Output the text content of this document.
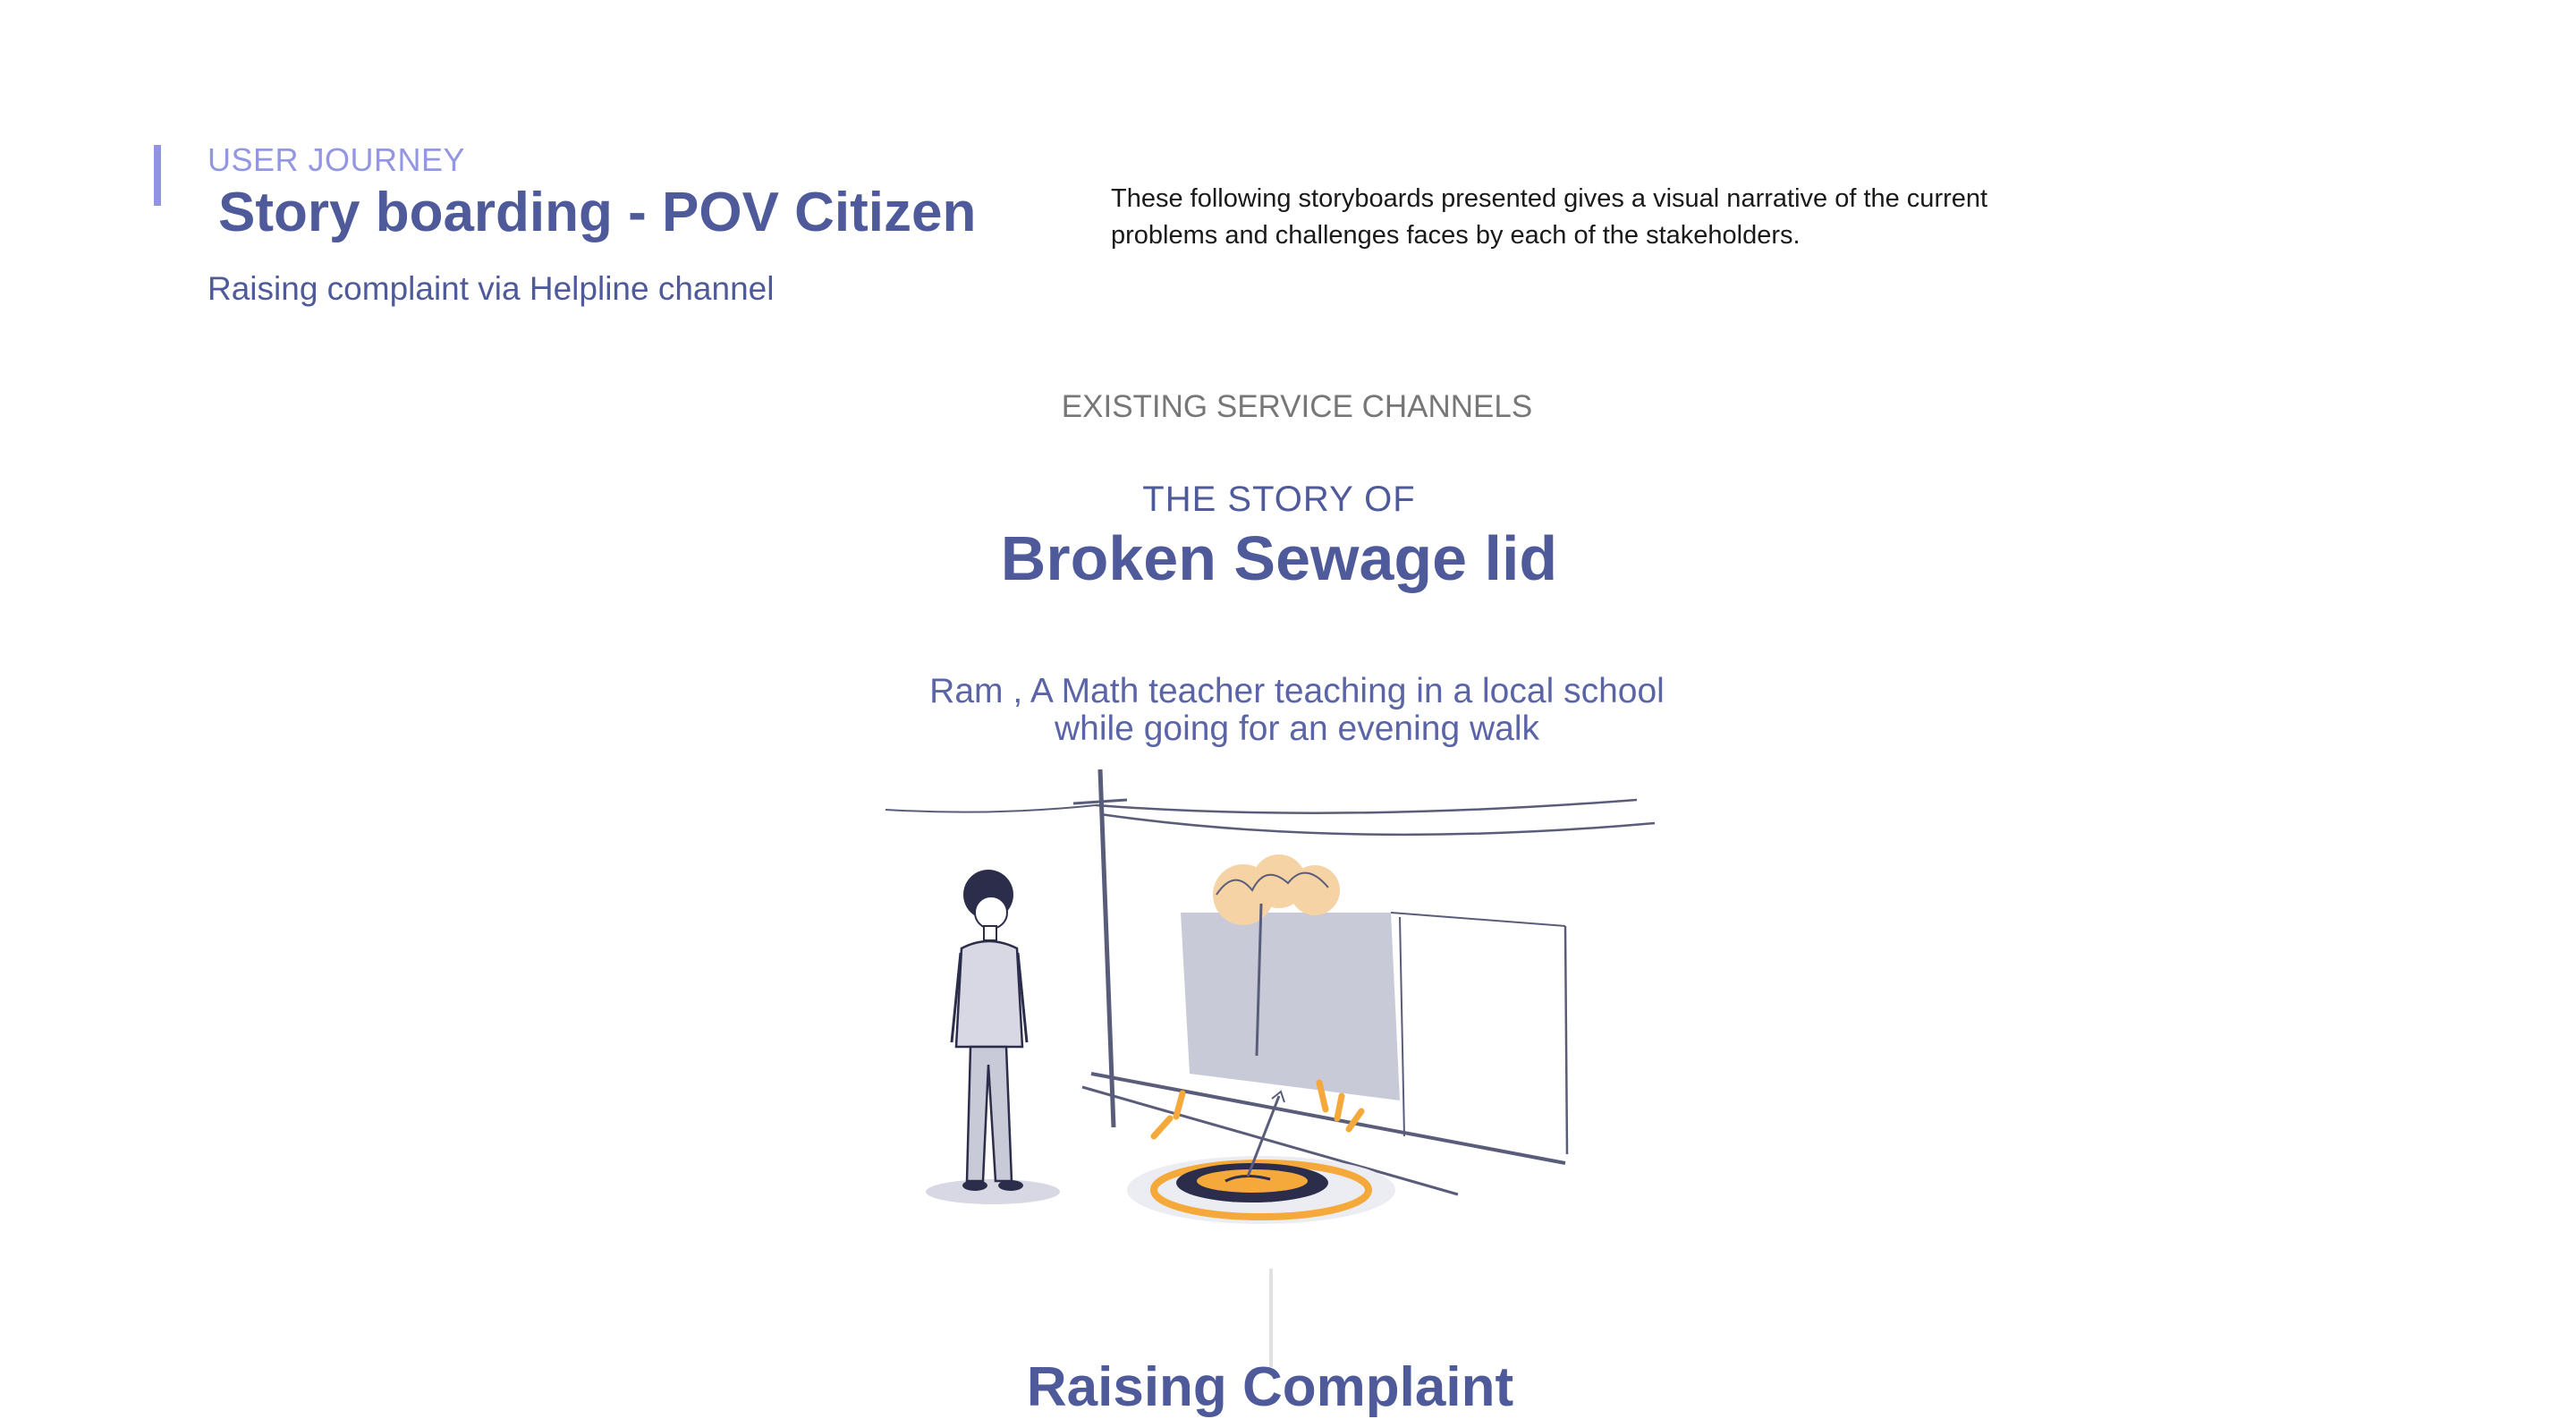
USER JOURNEY
Story boarding - POV Citizen
Raising complaint via Helpline channel
These following storyboards presented gives a visual narrative of the current problems and challenges faces by each of the stakeholders.
EXISTING SERVICE CHANNELS
THE STORY OF
Broken Sewage lid
Ram , A Math teacher teaching in a local school while going for an evening walk
Raising Complaint
